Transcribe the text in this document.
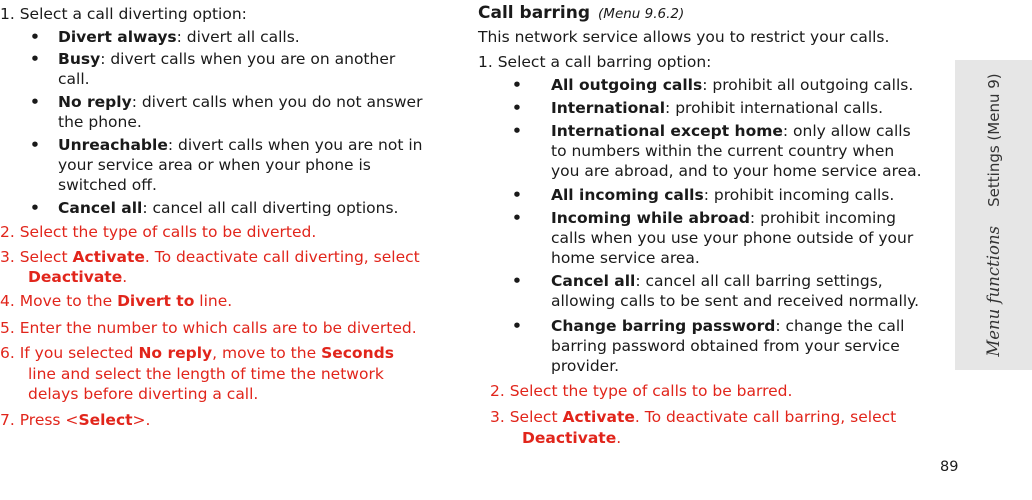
1. Select a call diverting option:
• Divert always: divert all calls.
• Busy: divert calls when you are on another
call.
• No reply: divert calls when you do not answer
the phone.
• Unreachable: divert calls when you are not in
your service area or when your phone is
switched off.
• Cancel all: cancel all call diverting options.
2. Select the type of calls to be diverted.
3. Select Activate. To deactivate call diverting, select
Deactivate.
4. Move to the Divert to line.
5. Enter the number to which calls are to be diverted.
6. If you selected No reply, move to the Seconds
line and select the length of time the network
delays before diverting a call.
7. Press <Select>.
Call barring (Menu 9.6.2)
This network service allows you to restrict your calls.
1. Select a call barring option:
• All outgoing calls: prohibit all outgoing calls.
• International: prohibit international calls.
• International except home: only allow calls
to numbers within the current country when
you are abroad, and to your home service area.
• All incoming calls: prohibit incoming calls.
• Incoming while abroad: prohibit incoming
calls when you use your phone outside of your
home service area.
• Cancel all: cancel all call barring settings,
allowing calls to be sent and received normally.
• Change barring password: change the call
barring password obtained from your service
provider.
2. Select the type of calls to be barred.
3. Select Activate. To deactivate call barring, select
Deactivate.
Menu functions    Settings (Menu 9)
89
